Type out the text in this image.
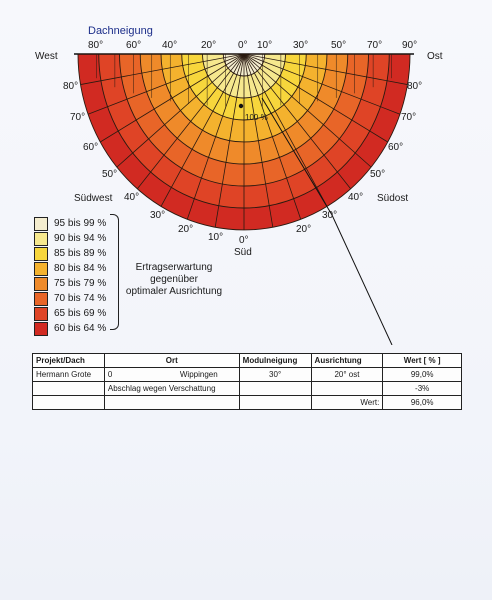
Dachneigung
West	Ost
Südwest	Südost
Süd
100 %
0°
80° 60° 40° 20° 0° 10° 30° 50° 70° 90°
80°
70°
60°
50°
40°
30°
20°
10°
80°
70°
60°
50°
40°
30°
20°
95 bis 99 %
90 bis 94 %
85 bis 89 %
80 bis 84 %
75 bis 79 %
70 bis 74 %
65 bis 69 %
60 bis 64 %
Ertragserwartung
gegenüber
optimaler Ausrichtung
Projekt/Dach	Ort	Modulneigung	Ausrichtung	Wert [ % ]
Hermann Grote	0 Wippingen	30°	20° ost	99,0%
	Abschlag wegen Verschattung			-3%
			Wert:	96,0%
